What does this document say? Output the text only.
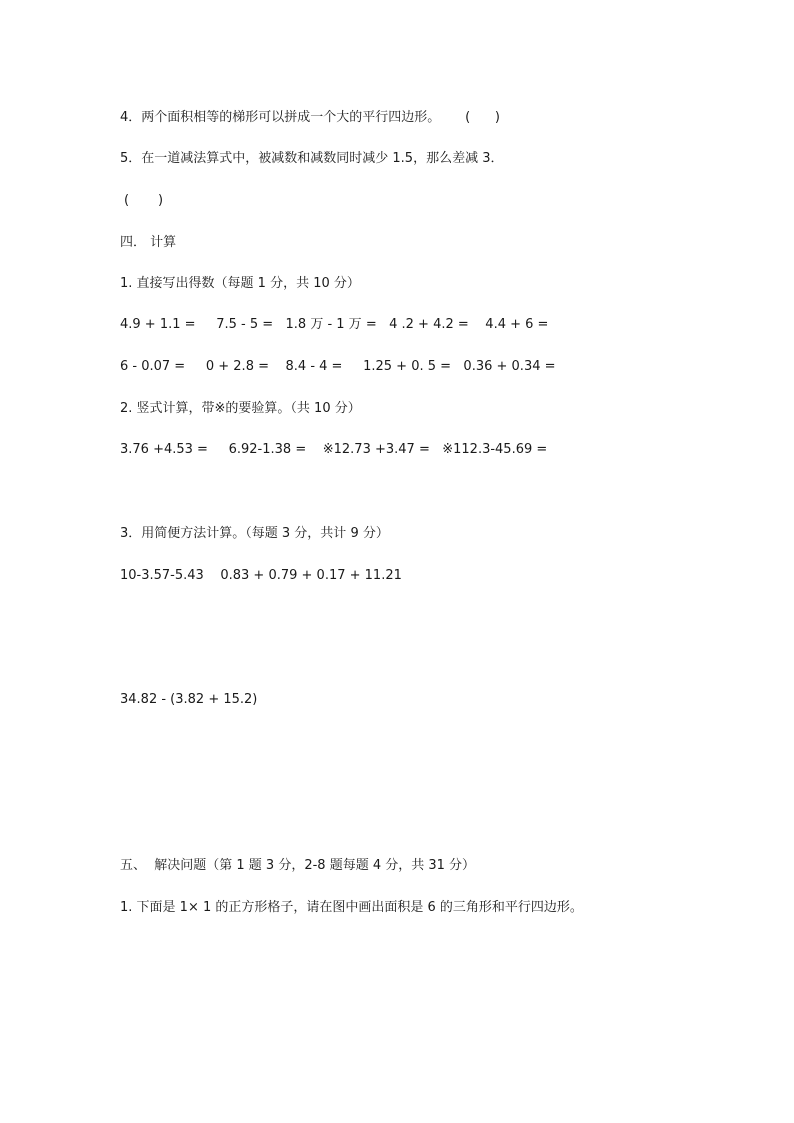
4．两个面积相等的梯形可以拼成一个大的平行四边形。      (      )
5．在一道减法算式中，被减数和减数同时减少 1.5，那么差减 3．
(       )
四． 计算
1. 直接写出得数（每题 1 分，共 10 分）
4.9 + 1.1 =     7.5 - 5 =   1.8 万 - 1 万 =   4 .2 + 4.2 =    4.4 + 6 =
6 - 0.07 =     0 + 2.8 =    8.4 - 4 =     1.25 + 0. 5 =   0.36 + 0.34 =
2. 竖式计算，带※的要验算。（共 10 分）
3.76 +4.53 =     6.92-1.38 =    ※12.73 +3.47 =   ※112.3-45.69 =
3．用简便方法计算。（每题 3 分，共计 9 分）
10-3.57-5.43    0.83 + 0.79 + 0.17 + 11.21
34.82 - (3.82 + 15.2)
五、  解决问题（第 1 题 3 分，2-8 题每题 4 分，共 31 分）
1. 下面是 1× 1 的正方形格子，请在图中画出面积是 6 的三角形和平行四边形。
